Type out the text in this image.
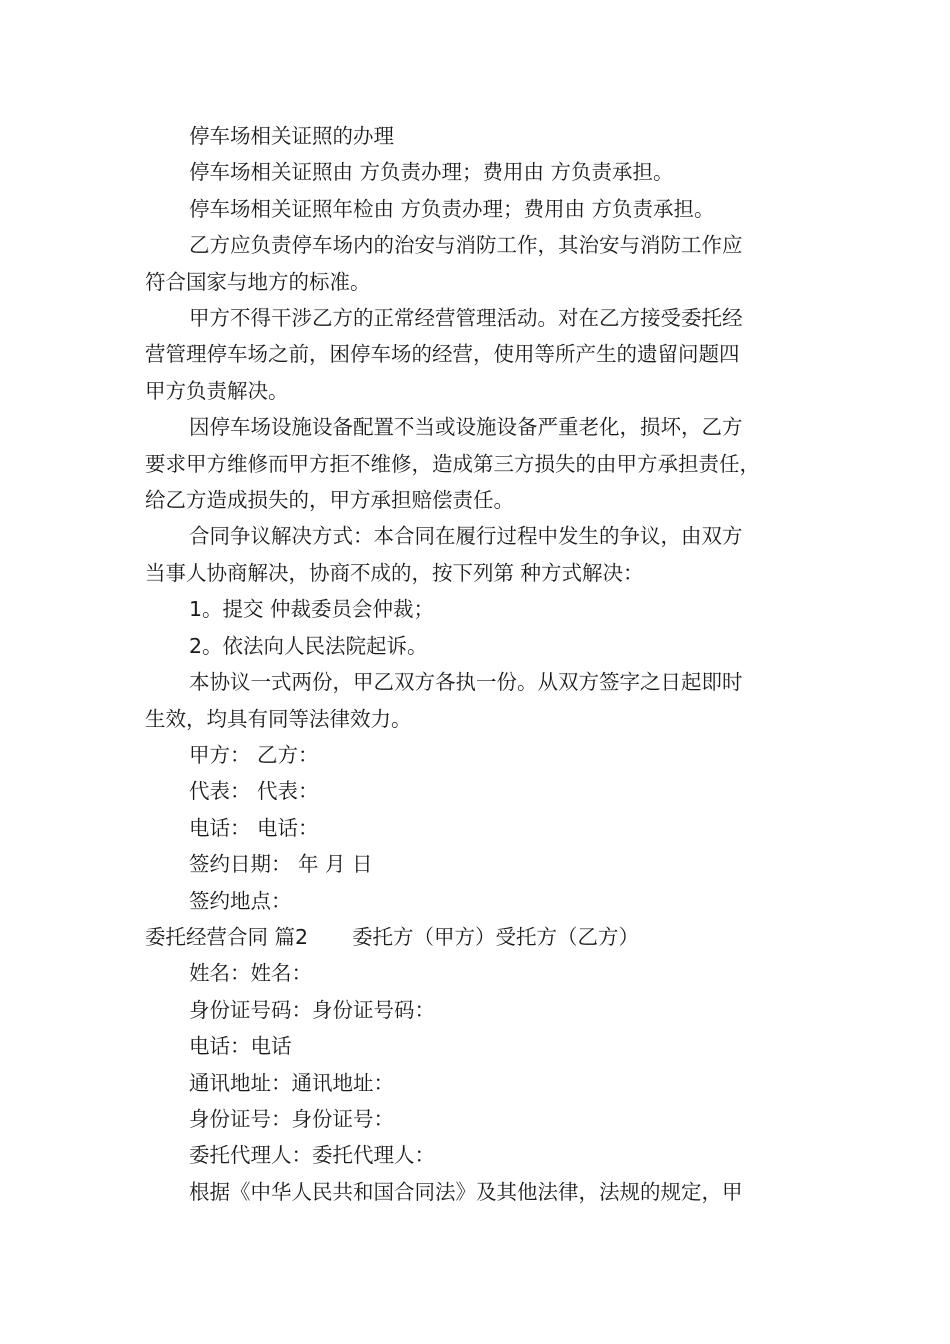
停车场相关证照的办理

停车场相关证照由 方负责办理；费用由 方负责承担。

停车场相关证照年检由 方负责办理；费用由 方负责承担。

乙方应负责停车场内的治安与消防工作，其治安与消防工作应

符合国家与地方的标准。

甲方不得干涉乙方的正常经营管理活动。对在乙方接受委托经

营管理停车场之前，困停车场的经营，使用等所产生的遗留问题四

甲方负责解决。

因停车场设施设备配置不当或设施设备严重老化，损坏，乙方

要求甲方维修而甲方拒不维修，造成第三方损失的由甲方承担责任，

给乙方造成损失的，甲方承担赔偿责任。

合同争议解决方式：本合同在履行过程中发生的争议，由双方

当事人协商解决，协商不成的，按下列第 种方式解决：

1。提交 仲裁委员会仲裁；

2。依法向人民法院起诉。

本协议一式两份，甲乙双方各执一份。从双方签字之日起即时

生效，均具有同等法律效力。

甲方： 乙方：

代表： 代表：

电话： 电话：

签约日期： 年 月 日

签约地点：

委托经营合同 篇2 委托方（甲方）受托方（乙方）

姓名：姓名：

身份证号码：身份证号码：

电话：电话

通讯地址：通讯地址：

身份证号：身份证号：

委托代理人：委托代理人：

根据《中华人民共和国合同法》及其他法律，法规的规定，甲
